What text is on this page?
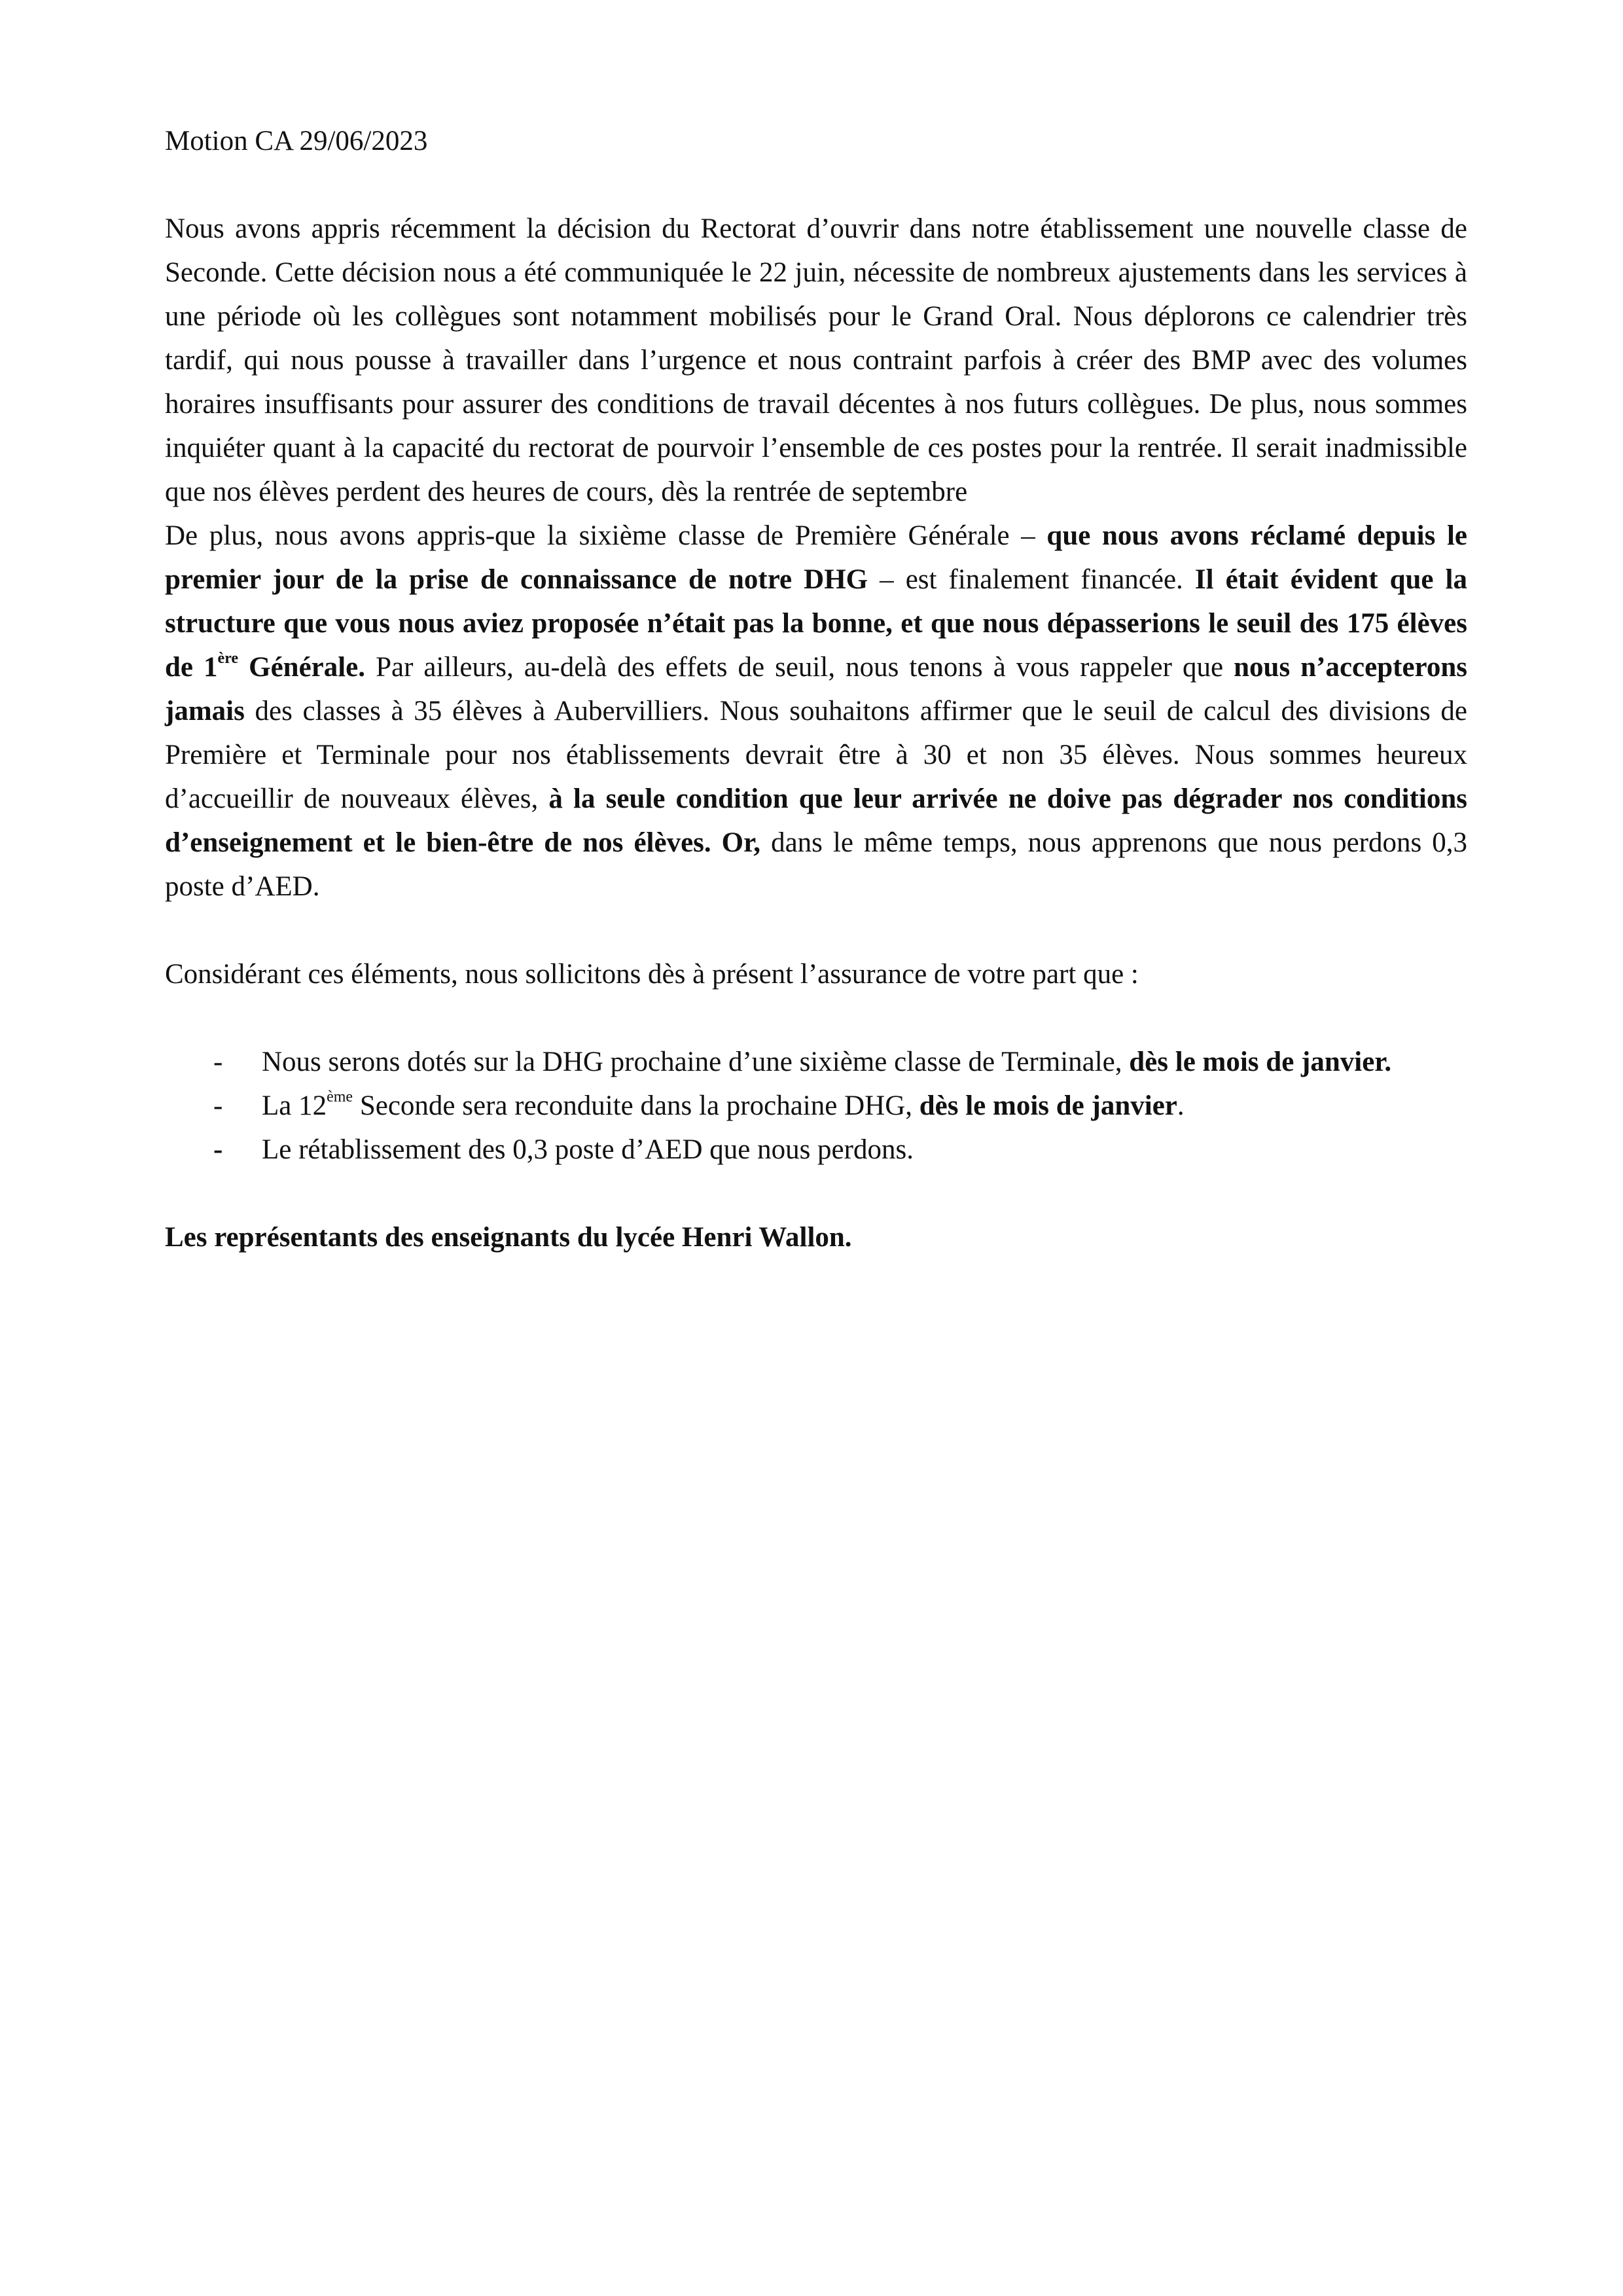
Motion CA 29/06/2023

Nous avons appris récemment la décision du Rectorat d’ouvrir dans notre établissement une nouvelle classe de Seconde. Cette décision nous a été communiquée le 22 juin, nécessite de nombreux ajustements dans les services à une période où les collègues sont notamment mobilisés pour le Grand Oral. Nous déplorons ce calendrier très tardif, qui nous pousse à travailler dans l’urgence et nous contraint parfois à créer des BMP avec des volumes horaires insuffisants pour assurer des conditions de travail décentes à nos futurs collègues. De plus, nous sommes inquiéter quant à la capacité du rectorat de pourvoir l’ensemble de ces postes pour la rentrée. Il serait inadmissible que nos élèves perdent des heures de cours, dès la rentrée de septembre

De plus, nous avons appris-que la sixième classe de Première Générale – que nous avons réclamé depuis le premier jour de la prise de connaissance de notre DHG – est finalement financée. Il était évident que la structure que vous nous aviez proposée n’était pas la bonne, et que nous dépasserions le seuil des 175 élèves de 1ère Générale. Par ailleurs, au-delà des effets de seuil, nous tenons à vous rappeler que nous n’accepterons jamais des classes à 35 élèves à Aubervilliers. Nous souhaitons affirmer que le seuil de calcul des divisions de Première et Terminale pour nos établissements devrait être à 30 et non 35 élèves. Nous sommes heureux d’accueillir de nouveaux élèves, à la seule condition que leur arrivée ne doive pas dégrader nos conditions d’enseignement et le bien-être de nos élèves. Or, dans le même temps, nous apprenons que nous perdons 0,3 poste d’AED.

Considérant ces éléments, nous sollicitons dès à présent l’assurance de votre part que :

- Nous serons dotés sur la DHG prochaine d’une sixième classe de Terminale, dès le mois de janvier.
- La 12ème Seconde sera reconduite dans la prochaine DHG, dès le mois de janvier.
- Le rétablissement des 0,3 poste d’AED que nous perdons.

Les représentants des enseignants du lycée Henri Wallon.
